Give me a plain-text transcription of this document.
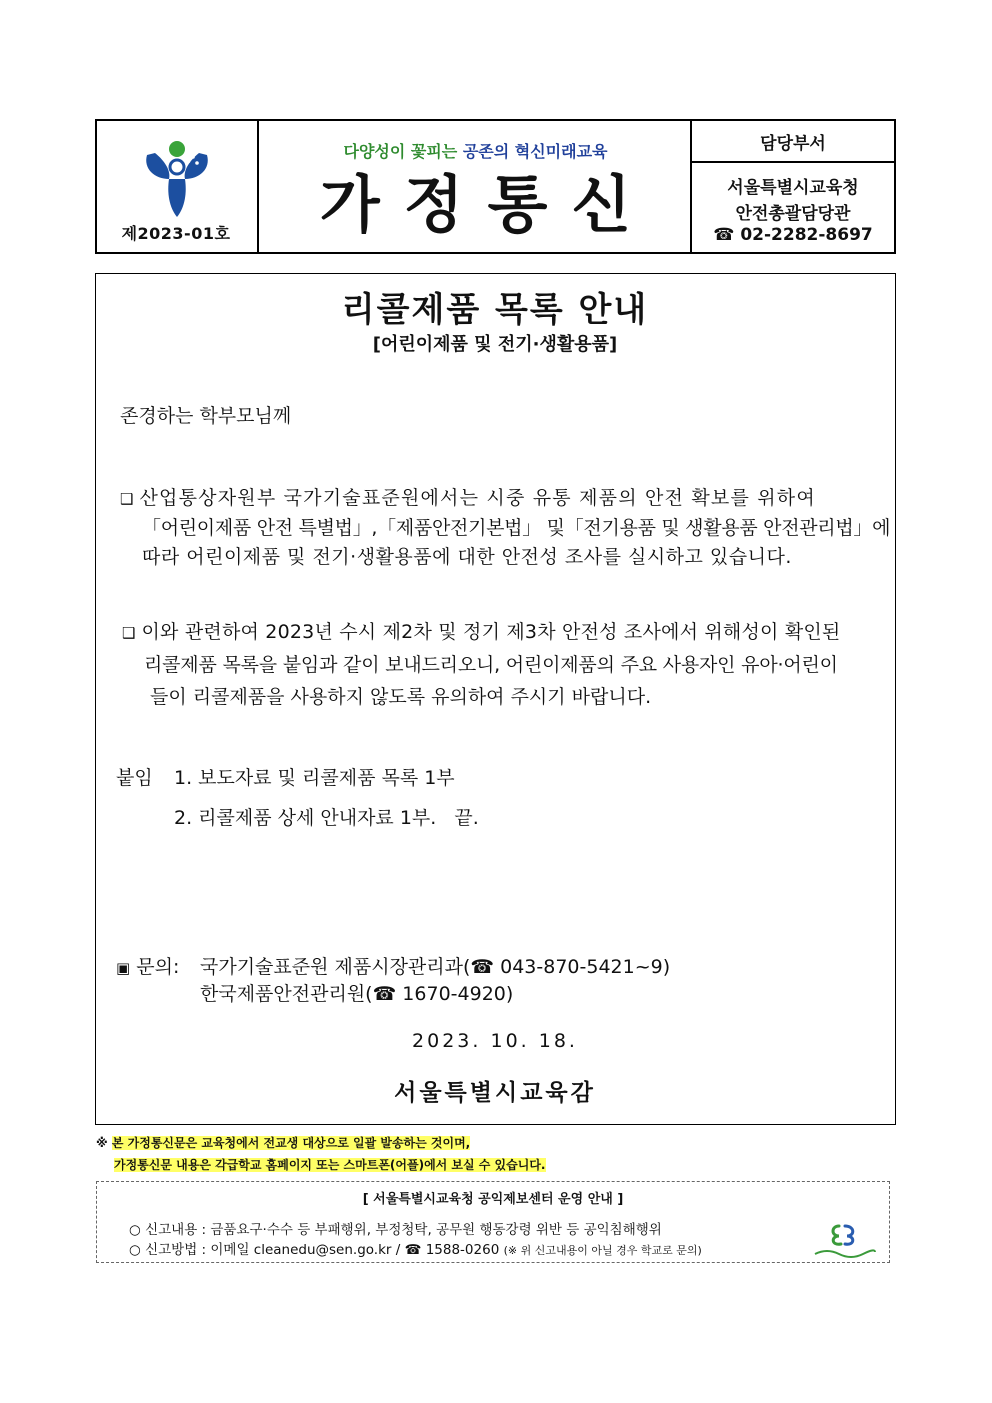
제2023-01호
다양성이 꽃피는 공존의 혁신미래교육
가정통신
담당부서
서울특별시교육청
안전총괄담당관
☎ 02-2282-8697
리콜제품 목록 안내
[어린이제품 및 전기·생활용품]
존경하는 학부모님께
❑ 산업통상자원부 국가기술표준원에서는 시중 유통 제품의 안전 확보를 위하여
「어린이제품 안전 특별법」,「제품안전기본법」 및「전기용품 및 생활용품 안전관리법」에
따라 어린이제품 및 전기·생활용품에 대한 안전성 조사를 실시하고 있습니다.
❑ 이와 관련하여 2023년 수시 제2차 및 정기 제3차 안전성 조사에서 위해성이 확인된
리콜제품 목록을 붙임과 같이 보내드리오니, 어린이제품의 주요 사용자인 유아·어린이
들이 리콜제품을 사용하지 않도록 유의하여 주시기 바랍니다.
붙임 1. 보도자료 및 리콜제품 목록 1부
2. 리콜제품 상세 안내자료 1부.   끝.
▣ 문의: 국가기술표준원 제품시장관리과(☎ 043-870-5421~9)
한국제품안전관리원(☎ 1670-4920)
2023. 10. 18.
서울특별시교육감
※ 본 가정통신문은 교육청에서 전교생 대상으로 일괄 발송하는 것이며,
가정통신문 내용은 각급학교 홈페이지 또는 스마트폰(어플)에서 보실 수 있습니다.
[ 서울특별시교육청 공익제보센터 운영 안내 ]
○ 신고내용 : 금품요구·수수 등 부패행위, 부정청탁, 공무원 행동강령 위반 등 공익침해행위
○ 신고방법 : 이메일 cleanedu@sen.go.kr / ☎ 1588-0260 (※ 위 신고내용이 아닐 경우 학교로 문의)
